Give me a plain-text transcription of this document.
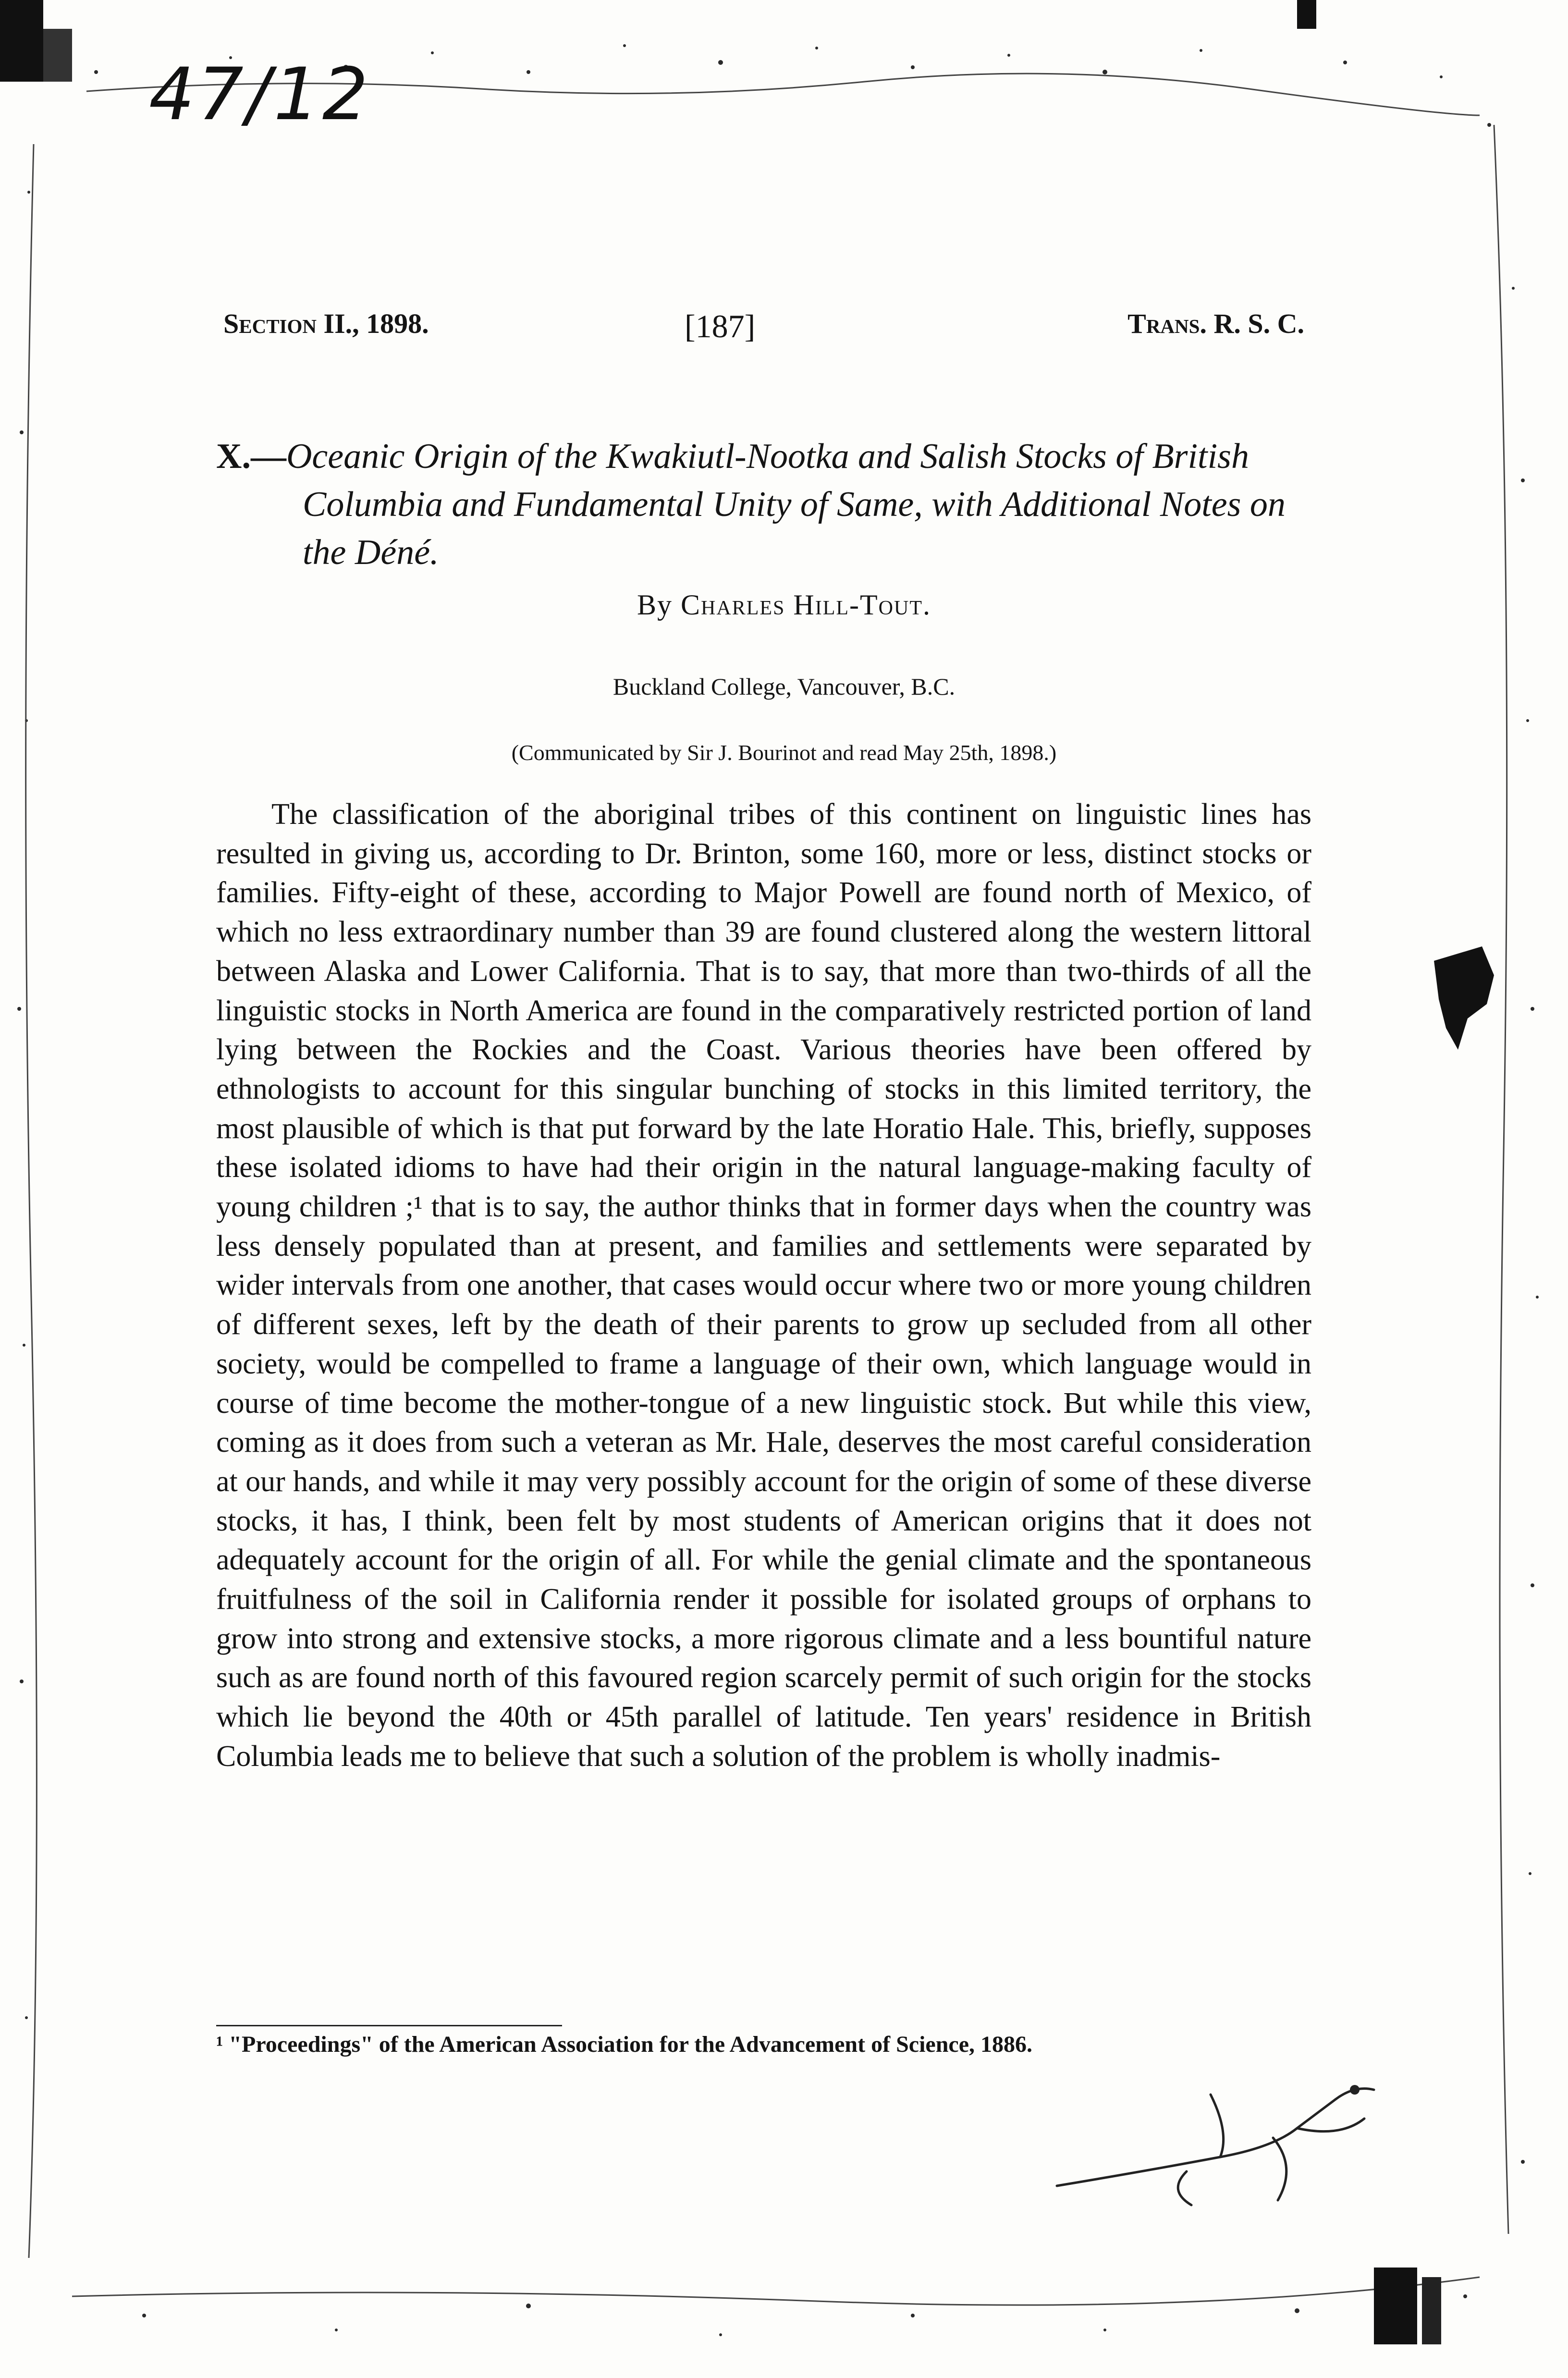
47/12
Section II., 1898.	[187]	Trans. R. S. C.
X.—Oceanic Origin of the Kwakiutl-Nootka and Salish Stocks of British Columbia and Fundamental Unity of Same, with Additional Notes on the Déné.
By Charles Hill-Tout.
Buckland College, Vancouver, B.C.
(Communicated by Sir J. Bourinot and read May 25th, 1898.)

The classification of the aboriginal tribes of this continent on linguistic lines has resulted in giving us, according to Dr. Brinton, some 160, more or less, distinct stocks or families. Fifty-eight of these, according to Major Powell are found north of Mexico, of which no less extraordinary number than 39 are found clustered along the western littoral between Alaska and Lower California. That is to say, that more than two-thirds of all the linguistic stocks in North America are found in the comparatively restricted portion of land lying between the Rockies and the Coast. Various theories have been offered by ethnologists to account for this singular bunching of stocks in this limited territory, the most plausible of which is that put forward by the late Horatio Hale. This, briefly, supposes these isolated idioms to have had their origin in the natural language-making faculty of young children ;¹ that is to say, the author thinks that in former days when the country was less densely populated than at present, and families and settlements were separated by wider intervals from one another, that cases would occur where two or more young children of different sexes, left by the death of their parents to grow up secluded from all other society, would be compelled to frame a language of their own, which language would in course of time become the mother-tongue of a new linguistic stock. But while this view, coming as it does from such a veteran as Mr. Hale, deserves the most careful consideration at our hands, and while it may very possibly account for the origin of some of these diverse stocks, it has, I think, been felt by most students of American origins that it does not adequately account for the origin of all. For while the genial climate and the spontaneous fruitfulness of the soil in California render it possible for isolated groups of orphans to grow into strong and extensive stocks, a more rigorous climate and a less bountiful nature such as are found north of this favoured region scarcely permit of such origin for the stocks which lie beyond the 40th or 45th parallel of latitude. Ten years' residence in British Columbia leads me to believe that such a solution of the problem is wholly inadmis-

¹ "Proceedings" of the American Association for the Advancement of Science, 1886.
